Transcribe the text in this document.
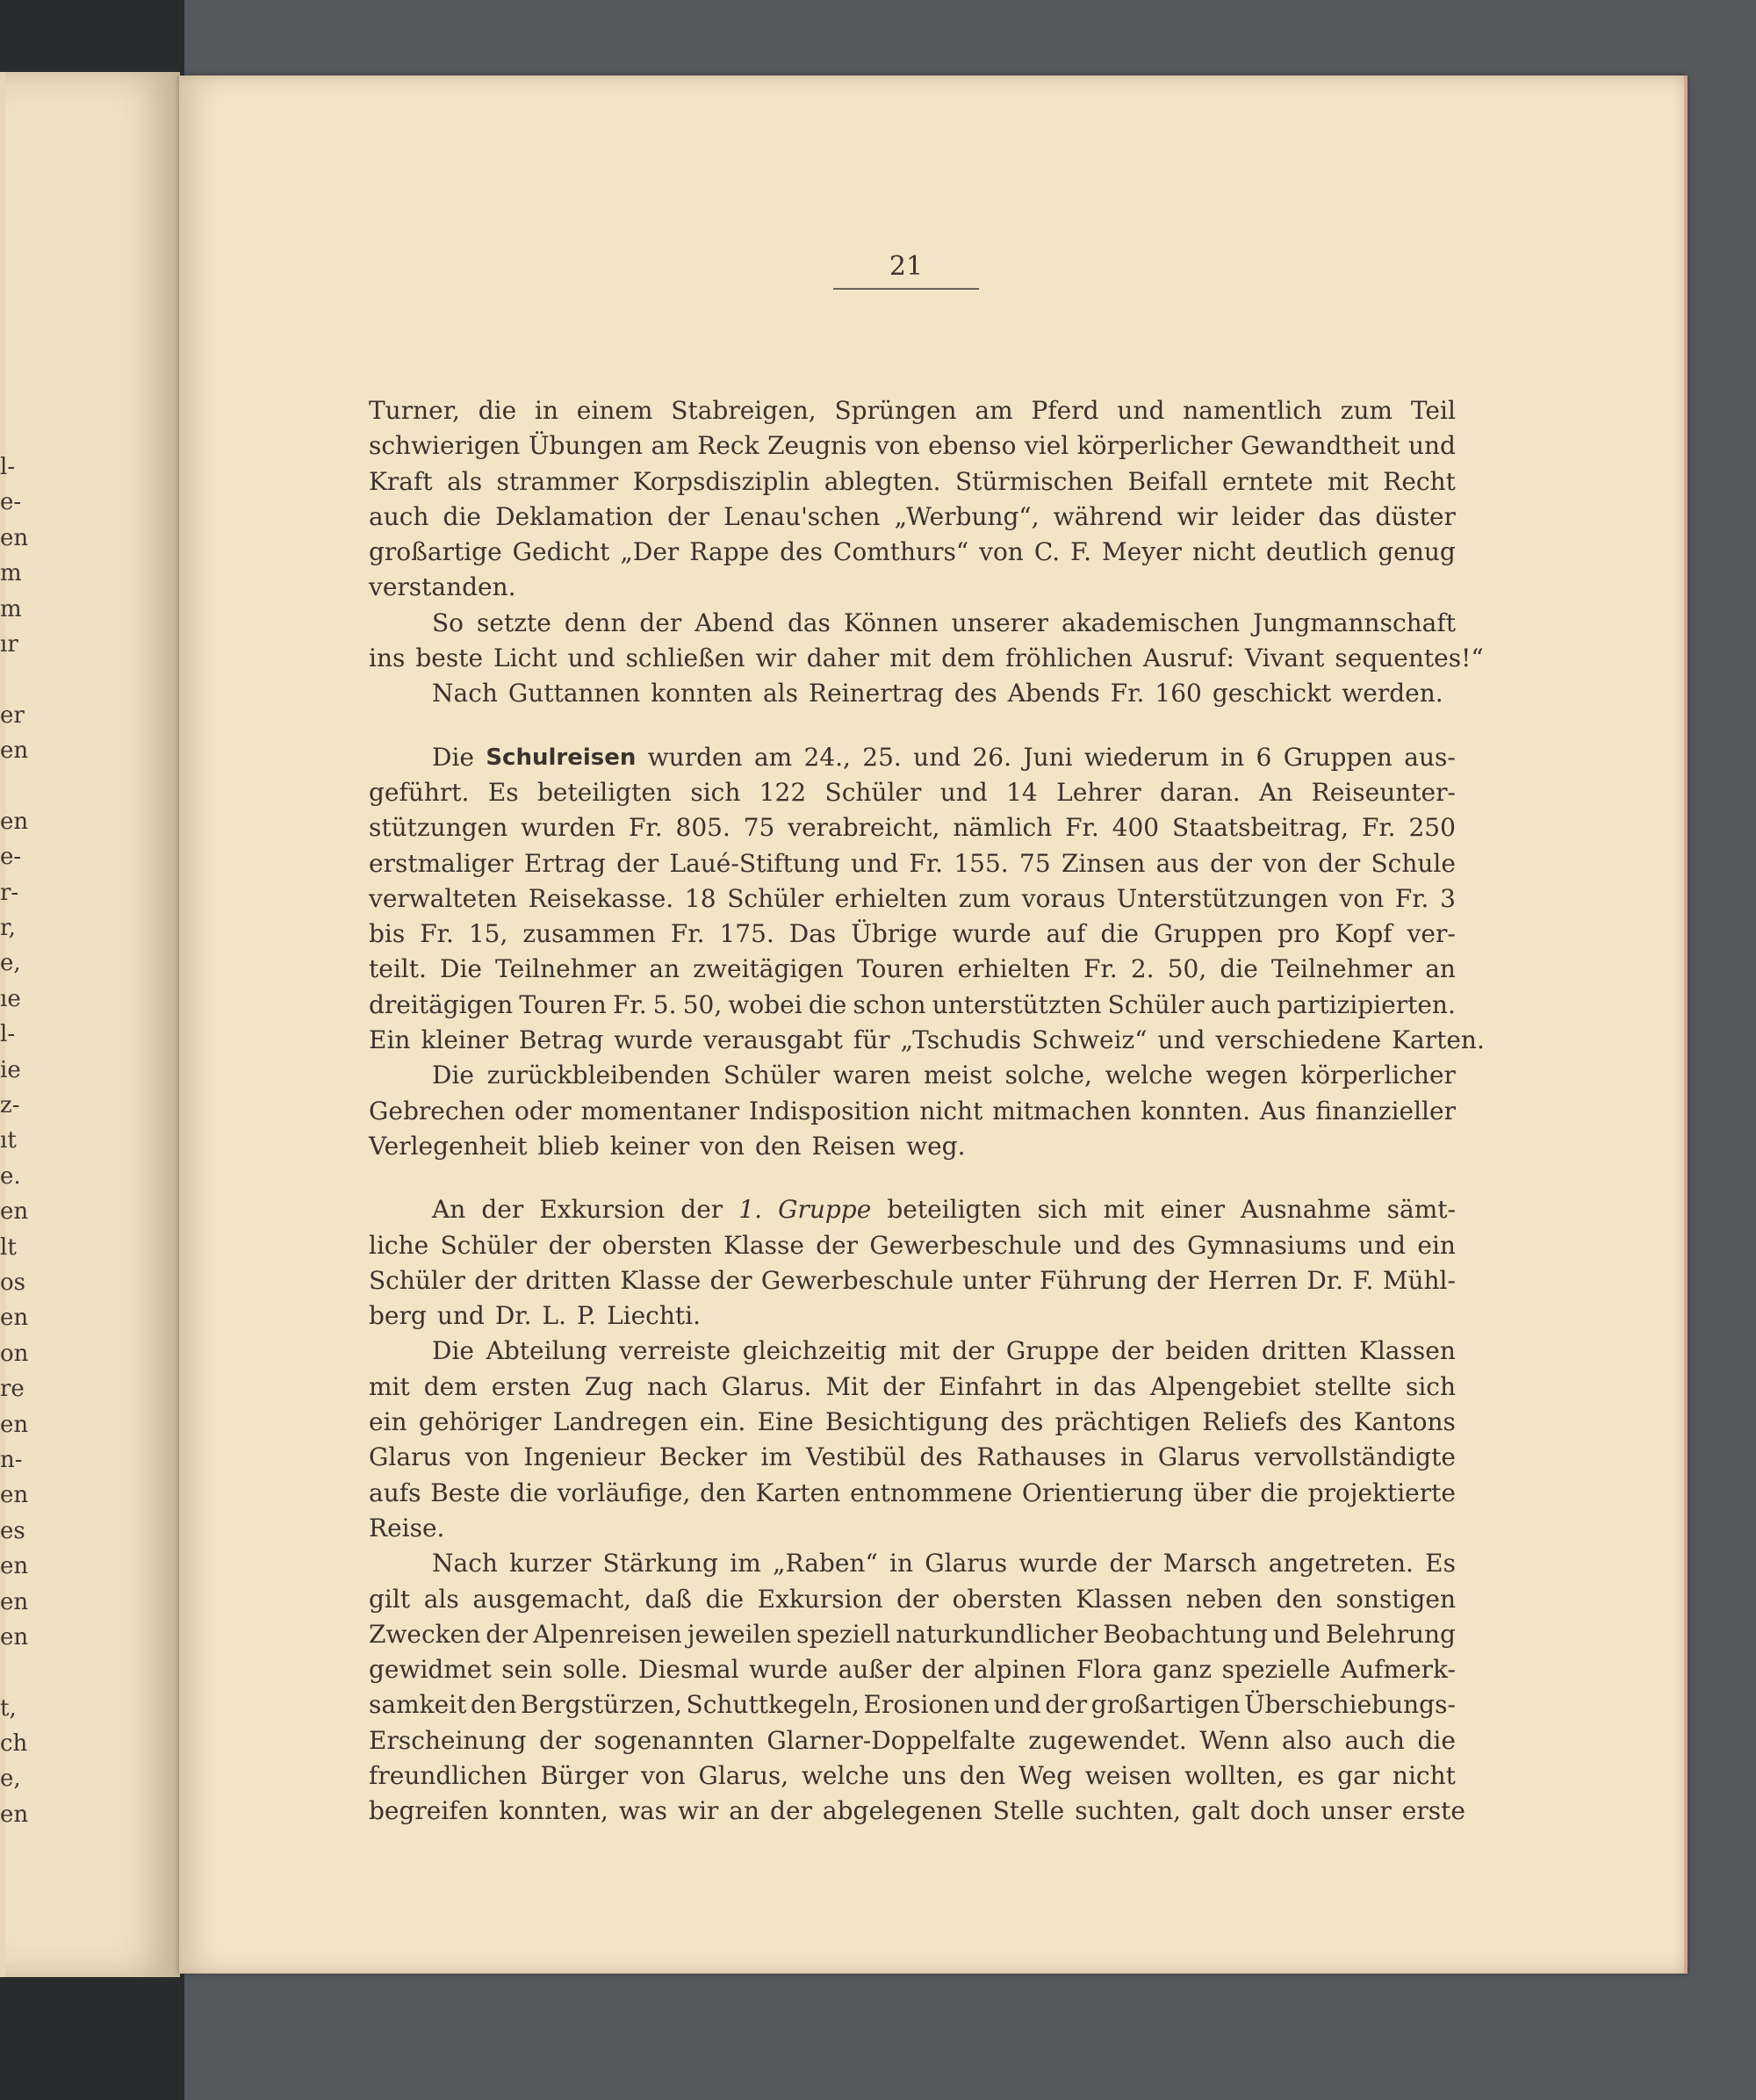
l-
e-
en
m
m
ır
er
en
en
e-
r-
r,
e,
ıe
l-
ie
z-
ıt
e.
en
lt
os
en
on
re
en
n-
en
es
en
en
en
t,
ch
e,
en
21
Turner, die in einem Stabreigen, Sprüngen am Pferd und namentlich zum Teil
schwierigen Übungen am Reck Zeugnis von ebenso viel körperlicher Gewandtheit und
Kraft als strammer Korpsdisziplin ablegten. Stürmischen Beifall erntete mit Recht
auch die Deklamation der Lenau'schen „Werbung“, während wir leider das düster
großartige Gedicht „Der Rappe des Comthurs“ von C. F. Meyer nicht deutlich genug
verstanden.
So setzte denn der Abend das Können unserer akademischen Jungmannschaft
ins beste Licht und schließen wir daher mit dem fröhlichen Ausruf: Vivant sequentes!“
Nach Guttannen konnten als Reinertrag des Abends Fr. 160 geschickt werden.
Die Schulreisen wurden am 24., 25. und 26. Juni wiederum in 6 Gruppen aus-
geführt. Es beteiligten sich 122 Schüler und 14 Lehrer daran. An Reiseunter-
stützungen wurden Fr. 805. 75 verabreicht, nämlich Fr. 400 Staatsbeitrag, Fr. 250
erstmaliger Ertrag der Laué-Stiftung und Fr. 155. 75 Zinsen aus der von der Schule
verwalteten Reisekasse. 18 Schüler erhielten zum voraus Unterstützungen von Fr. 3
bis Fr. 15, zusammen Fr. 175. Das Übrige wurde auf die Gruppen pro Kopf ver-
teilt. Die Teilnehmer an zweitägigen Touren erhielten Fr. 2. 50, die Teilnehmer an
dreitägigen Touren Fr. 5. 50, wobei die schon unterstützten Schüler auch partizipierten.
Ein kleiner Betrag wurde verausgabt für „Tschudis Schweiz“ und verschiedene Karten.
Die zurückbleibenden Schüler waren meist solche, welche wegen körperlicher
Gebrechen oder momentaner Indisposition nicht mitmachen konnten. Aus finanzieller
Verlegenheit blieb keiner von den Reisen weg.
An der Exkursion der 1. Gruppe beteiligten sich mit einer Ausnahme sämt-
liche Schüler der obersten Klasse der Gewerbeschule und des Gymnasiums und ein
Schüler der dritten Klasse der Gewerbeschule unter Führung der Herren Dr. F. Mühl-
berg und Dr. L. P. Liechti.
Die Abteilung verreiste gleichzeitig mit der Gruppe der beiden dritten Klassen
mit dem ersten Zug nach Glarus. Mit der Einfahrt in das Alpengebiet stellte sich
ein gehöriger Landregen ein. Eine Besichtigung des prächtigen Reliefs des Kantons
Glarus von Ingenieur Becker im Vestibül des Rathauses in Glarus vervollständigte
aufs Beste die vorläufige, den Karten entnommene Orientierung über die projektierte
Reise.
Nach kurzer Stärkung im „Raben“ in Glarus wurde der Marsch angetreten. Es
gilt als ausgemacht, daß die Exkursion der obersten Klassen neben den sonstigen
Zwecken der Alpenreisen jeweilen speziell naturkundlicher Beobachtung und Belehrung
gewidmet sein solle. Diesmal wurde außer der alpinen Flora ganz spezielle Aufmerk-
samkeit den Bergstürzen, Schuttkegeln, Erosionen und der großartigen Überschiebungs-
Erscheinung der sogenannten Glarner-Doppelfalte zugewendet. Wenn also auch die
freundlichen Bürger von Glarus, welche uns den Weg weisen wollten, es gar nicht
begreifen konnten, was wir an der abgelegenen Stelle suchten, galt doch unser erste
